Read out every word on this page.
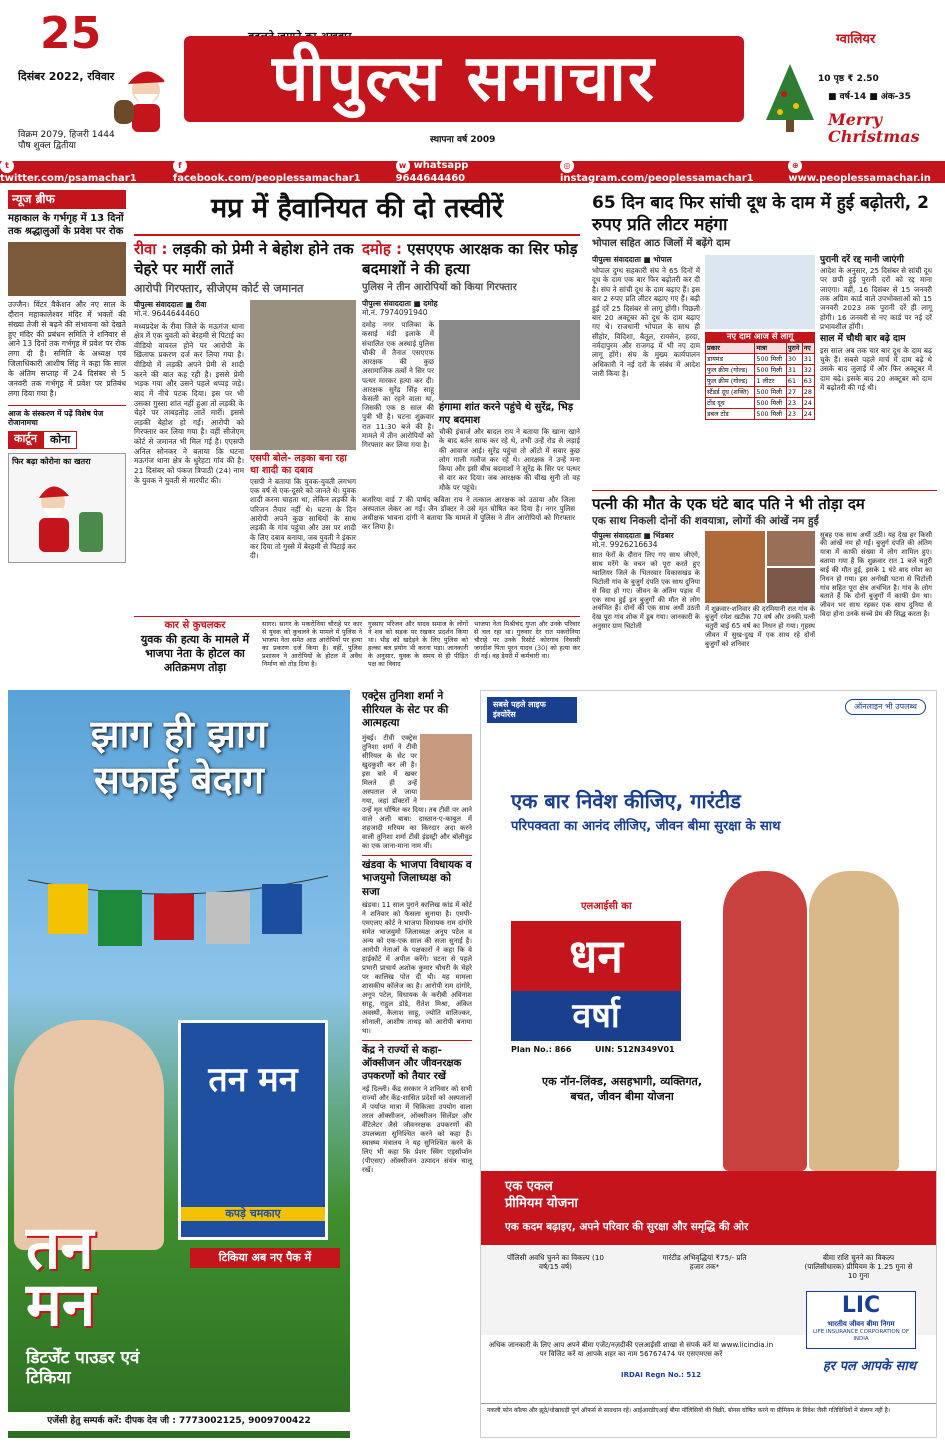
25
दिसंबर 2022, रविवार
विक्रम 2079, हिजरी 1444
पौष शुक्ल द्वितीया
पीपुल्स समाचार
स्थापना वर्ष 2009
ग्वालियर
10 पृष्ठ ₹ 2.50
■ वर्ष-14 ■ अंक-35
Merry Christmas
ttwitter.com/psamachar1
ffacebook.com/peoplessamachar1
w whatsapp 9644644460
◎instagram.com/peoplessamachar1
⊕www.peoplessamachar.in
न्यूज ब्रीफ
महाकाल के गर्भगृह में 13 दिनों तक श्रद्धालुओं के प्रवेश पर रोक
उज्जैन। विंटर वैकेशन और नए साल के दौरान महाकालेश्वर मंदिर में भक्तों की संख्या तेजी से बढ़ने की संभावना को देखते हुए मंदिर की प्रबंधन समिति ने शनिवार से आने 13 दिनों तक गर्भगृह में प्रवेश पर रोक लगा दी है। समिति के अध्यक्ष एवं जिलाधिकारी आशीष सिंह ने कहा कि साल के अंतिम सप्ताह में 24 दिसंबर से 5 जनवरी तक गर्भगृह में प्रवेश पर प्रतिबंध लगा दिया गया है।
आज के संस्करण में पढ़ें विशेष पेज रोजानामचा
कार्टून	कोना
फिर बढ़ा कोरोना का खतरा
मप्र में हैवानियत की दो तस्वीरें
रीवा : लड़की को प्रेमी ने बेहोश होने तक चेहरे पर मारीं लातें
आरोपी गिरफ्तार, सीजेएम कोर्ट से जमानत
पीपुल्स संवाददाता ■ रीवा
मो.नं. 9644644460
मध्यप्रदेश के रीवा जिले के मऊगंज थाना क्षेत्र में एक युवती को बेरहमी से पिटाई का वीडियो वायरल होने पर आरोपी के खिलाफ प्रकरण दर्ज कर लिया गया है। वीडियो में लड़की अपने प्रेमी से शादी करने की बात कह रही है। इससे प्रेमी भड़क गया और उसने पहले थप्पड़ जड़े। बाद में नीचे पटक दिया। इस पर भी उसका गुस्सा शांत नहीं हुआ तो लड़की के चेहरे पर ताबड़तोड़ लातें मारीं। इससे लड़की बेहोश हो गई। आरोपी को गिरफ्तार कर लिया गया है। वहीं सीजेएम कोर्ट से जमानत भी मिल गई है। एएसपी अनिल सोनकर ने बताया कि घटना मऊगंज थाना क्षेत्र के धुरेहटा गांव की है। 21 दिसंबर को पंकज त्रिपाठी (24) नाम के युवक ने युवती से मारपीट की।
एसपी बोले- लड़का बना रहा था शादी का दबाव
एसपी ने बताया कि युवक-युवती लगभग एक वर्ष से एक-दूसरे को जानते थे। युवक शादी करना चाहता था, लेकिन लड़की के परिजन तैयार नहीं थे। घटना के दिन आरोपी अपने कुछ साथियों के साथ लड़की के गांव पहुंचा और उस पर शादी के लिए दबाव बनाया, जब युवती ने इंकार कर दिया तो गुस्से में बेरहमी से पिटाई कर दी।
दमोह : एसएएफ आरक्षक का सिर फोड़ बदमाशों ने की हत्या
पुलिस ने तीन आरोपियों को किया गिरफ्तार
पीपुल्स संवाददाता ■ दमोह
मो.नं. 7974091940
दमोह नगर पालिका के कसाई मंडी इलाके में संचालित एक अस्थाई पुलिस चौकी में तैनात एसएएफ आरक्षक की कुछ असामाजिक तत्वों ने सिर पर पत्थर मारकर हत्या कर दी। आरक्षक सुरेंद्र सिंह साहू केसली का रहने वाला था, जिसकी एक 8 साल की पुत्री भी है। घटना शुक्रवार रात 11:30 बजे की है। मामले में तीन आरोपियों को गिरफ्तार कर लिया गया है।
हंगामा शांत करने पहुंचे थे सुरेंद्र, भिड़ गए बदमाश
चौकी इंचार्ज और बादल राय ने बताया कि खाना खाने के बाद बर्तन साफ कर रहे थे, तभी उन्हें रोड से लड़ाई की आवाज आई। सुरेंद्र पहुंचा तो ऑटो में सवार कुछ लोग गाली गलौज कर रहे थे। आरक्षक ने उन्हें मना किया और इसी बीच बदमाशों ने सुरेंद्र के सिर पर पत्थर से वार कर दिया। जब आरक्षक की चीख सुनी तो वह मौके पर पहुंचे।
बजरिया वार्ड 7 की पार्षद कविता राय ने तत्काल आरक्षक को उठाया और जिला अस्पताल लेकर आ गईं। जैन डॉक्टर ने उसे मृत घोषित कर दिया है। नगर पुलिस अधीक्षक भावना दांगी ने बताया कि मामले में पुलिस ने तीन आरोपियों को गिरफ्तार कर लिया है।
कार से कुचलकर
युवक की हत्या के मामले में भाजपा नेता के होटल का अतिक्रमण तोड़ा
सागर। सागर के मकरोनिया चौराहे पर कार से युवक को कुचलने के मामले में पुलिस ने भाजपा नेता समेत आठ आरोपियों पर हत्या का प्रकरण दर्ज किया है। वहीं, पुलिस प्रशासन ने आरोपियों के होटल में अवैध निर्माण को तोड़ दिया है।
गुस्साए परिजन और यादव समाज के लोगों ने शव को सड़क पर रखकर प्रदर्शन किया था। भीड़ को खदेड़ने के लिए पुलिस को हल्का बल प्रयोग भी करना पड़ा। जानकारी के अनुसार, युवक के समय से ही पीड़ित पक्ष का विवाद
भाजपा नेता मिश्रीचंद गुप्ता और उनके परिवार से चल रहा था। गुरुवार देर रात मकरोनिया चौराहे पर उनके रिसोर्ट कोरगांव निवासी जगदीश पिता पूरन यादव (30) को हत्या कर दी गई। वह डेयरी में कर्मचारी था।
65 दिन बाद फिर सांची दूध के दाम में हुई बढ़ोतरी, 2 रुपए प्रति लीटर महंगा
भोपाल सहित आठ जिलों में बढ़ेंगे दाम
पीपुल्स संवाददाता ■ भोपाल
भोपाल दुग्ध सहकारी संघ ने 65 दिनों में दूध के दाम एक बार फिर बढ़ोतरी कर दी है। संघ ने सांची दूध के दाम बढ़ाए हैं। इस बार 2 रुपए प्रति लीटर बढ़ाए गए हैं। बढ़ी हुई दरें 25 दिसंबर से लागू होंगी। पिछली बार 20 अक्टूबर को दूध के दाम बढ़ाए गए थे। राजधानी भोपाल के साथ ही सीहोर, विदिशा, बैतूल, रायसेन, हरदा, नर्मदापुरम और राजगढ़ में भी नए दाम लागू होंगे। संघ के मुख्य कार्यपालन अधिकारी ने नई दरों के संबंध में आदेश जारी किया है।
नए दाम आज से लागू
प्रकार	मात्रा	पुराने	नए
डायमंड	500 मिली	30	31
फुल क्रीम (गोल्ड)	500 मिली	31	32
फुल क्रीम (गोल्ड)	1 लीटर	61	63
स्टैंडर्ड दूध (शक्ति)	500 मिली	27	28
टोंड दूध	500 मिली	23	24
डबल टोंड	500 मिली	23	24
पुरानी दरें रद्द मानी जाएंगी
आदेश के अनुसार, 25 दिसंबर से सांची दूध पर छपी हुई पुरानी दरों को रद्द माना जाएगा। वहीं, 16 दिसंबर से 15 जनवरी तक अग्रिम कार्ड वाले उपभोक्ताओं को 15 जनवरी 2023 तक पुरानी दरें ही लागू होंगी। 16 जनवरी से नए कार्ड पर नई दरें प्रभावशील होंगी।
साल में चौथी बार बढ़े दाम
इस साल अब तक चार बार दूध के दाम बढ़ चुके हैं। सबसे पहले मार्च में दाम बढ़े थे उसके बाद जुलाई में और फिर अक्टूबर में दाम बढ़े। इसके बाद 20 अक्टूबर को दाम में बढ़ोतरी की गई थी।
पत्नी की मौत के एक घंटे बाद पति ने भी तोड़ा दम
एक साथ निकली दोनों की शवयात्रा, लोगों की आंखें नम हुईं
पीपुल्स संवाददाता ■ भिंडबार
मो.नं. 9926216634
सात फेरों के दौरान लिए गए साथ जीएंगे, साथ मरेंगे के वचन को पूरा करते हुए ग्वालियर जिले के भितरवार विकासखंड के चिटोली गांव के बुजुर्ग दंपति एक साथ दुनिया से विदा हो गए। जीवन के अंतिम पड़ाव में एक साथ हुई इन बुजुर्गों की मौत से लोग अचंभित हैं। दोनों की एक साथ अर्थी उठती देख पूरा गांव शोक में डूब गया। जानकारी के अनुसार ग्राम चिटोली
में शुक्रवार-शनिवार की दरमियानी रात गांव के बुजुर्ग रमेश खटीक 70 वर्ष और उनकी पत्नी चतुरी बाई 65 वर्ष का निधन हो गया। गृहस्थ जीवन में सुख-दुख में एक साथ रहे दोनों बुजुर्गों को शनिवार
सुबह एक साथ अर्थी उठी। यह देख हर किसी की आंखें नम हो गईं। बुजुर्ग दंपति की अंतिम यात्रा में काफी संख्या में लोग शामिल हुए। बताया गया है कि शुक्रवार रात 1 बजे चतुरी बाई की मौत हुई, इसके 1 घंटे बाद रमेश का निधन हो गया। इस अनोखी घटना से चिटोली गांव सहित पूरा क्षेत्र अचंभित है। गांव के लोग बताते हैं कि दोनों बुजुर्गों में काफी प्रेम था। जीवन भर साथ रहकर एक साथ दुनिया से विदा होना उनके सच्चे प्रेम की सिद्ध करता है।
झाग ही झाग
सफाई बेदाग
तन मन
कपड़े चमकाए
टिकिया अब नए पैक में
तन
मन
डिटर्जेंट पाउडर एवं टिकिया
एजेंसी हेतु सम्पर्क करें: दीपक देव जी : 7773002125, 9009700422
एक्ट्रेस तुनिशा शर्मा ने सीरियल के सेट पर की आत्महत्या
मुंबई। टीवी एक्ट्रेस तुनिशा शर्मा ने टीवी सीरियल के सेट पर खुदकुशी कर ली है। इस बारे में खबर मिलते ही उन्हें अस्पताल ले जाया गया, जहां डॉक्टरों ने उन्हें मृत घोषित कर दिया। तब टीवी पर आने वाले अली बाबा: दास्तान-ए-काबुल में शहजादी मरियम का किरदार अदा करने वाली तुनिशा शर्मा टीवी इंडस्ट्री और बॉलीवुड का एक जाना-माना नाम थीं।
खंडवा के भाजपा विधायक व भाजयुमो जिलाध्यक्ष को सजा
खंडवा। 11 साल पुराने कालिख कांड में कोर्ट ने शनिवार को फैसला सुनाया है। एमपी-एमएलए कोर्ट ने भाजपा विधायक राम दांगोरे समेत भाजयुमो जिलाध्यक्ष अनूप पटेल व अन्य को एक-एक साल की सजा सुनाई है। आरोपी नेताओं के पक्षकारों ने कहा कि वे हाईकोर्ट में अपील करेंगे। घटना से पहले प्रभारी प्राचार्य अशोक कुमार चौधरी के चेहरे पर कालिख पोत दी थी। यह मामला शासकीय कॉलेज का है। आरोपी राम दांगोरे, अनूप पटेल, विधायक के करीबी अविनाश साहू, राहुल डोडे, रीतेश मिश्रा, अंकित अवस्थी, कैलाश साहू, ज्योति वालिज्कर, सोनाली, आशीष ताथड़ को आरोपी बनाया था।
केंद्र ने राज्यों से कहा- ऑक्सीजन और जीवनरक्षक उपकरणों को तैयार रखें
नई दिल्ली। केंद्र सरकार ने शनिवार को सभी राज्यों और केंद्र-शासित प्रदेशों को अस्पतालों में पर्याप्त मात्रा में चिकित्सा उपयोग वाला तरल ऑक्सीजन, ऑक्सीजन सिलेंडर और वेंटिलेटर जैसे जीवनरक्षक उपकरणों की उपलब्धता सुनिश्चित करने को कहा है। स्वास्थ्य मंत्रालय ने यह सुनिश्चित करने के लिए भी कहा कि प्रेशर स्विंग एड्सॉर्प्शन (पीएसए) ऑक्सीजन उत्पादन संयंत्र चालू रखें।
सबसे पहले लाइफ इंश्योरेंस
ऑनलाइन भी उपलब्ध
एक बार निवेश कीजिए, गारंटीड
परिपक्वता का आनंद लीजिए, जीवन बीमा सुरक्षा के साथ
एलआईसी का
धन
वर्षा
Plan No.: 866	UIN: 512N349V01
एक नॉन-लिंक्ड, असहभागी, व्यक्तिगत, बचत, जीवन बीमा योजना
एक एकल
प्रीमियम योजना
एक कदम बढ़ाइए, अपने परिवार की सुरक्षा और समृद्धि की ओर
पॉलिसी अवधि चुनने का विकल्प (10 वर्ष/15 वर्ष)
गारंटीड अभिवृद्धियां ₹75/- प्रति हजार तक*
बीमा राशि चुनने का विकल्प (पालिसीधारक) प्रीमियम के 1.25 गुना से 10 गुना
LIC
भारतीय जीवन बीमा निगम
LIFE INSURANCE CORPORATION OF INDIA
अधिक जानकारी के लिए आप अपने बीमा एजेंट/नज़दीकी एलआईसी शाखा से संपर्क करें या www.licindia.in पर विजिट करें या आपके शहर का नाम 56767474 पर एसएमएस करें
IRDAI Regn No.: 512
हर पल आपके साथ
नकली फोन कॉल्स और झूठे/धोखाधड़ी पूर्ण ऑफर्स से सावधान रहें। आईआरडीएआई बीमा पॉलिसियों की बिक्री, बोनस घोषित करने या प्रीमियम के निवेश जैसी गतिविधियों में संलग्न नहीं है।
